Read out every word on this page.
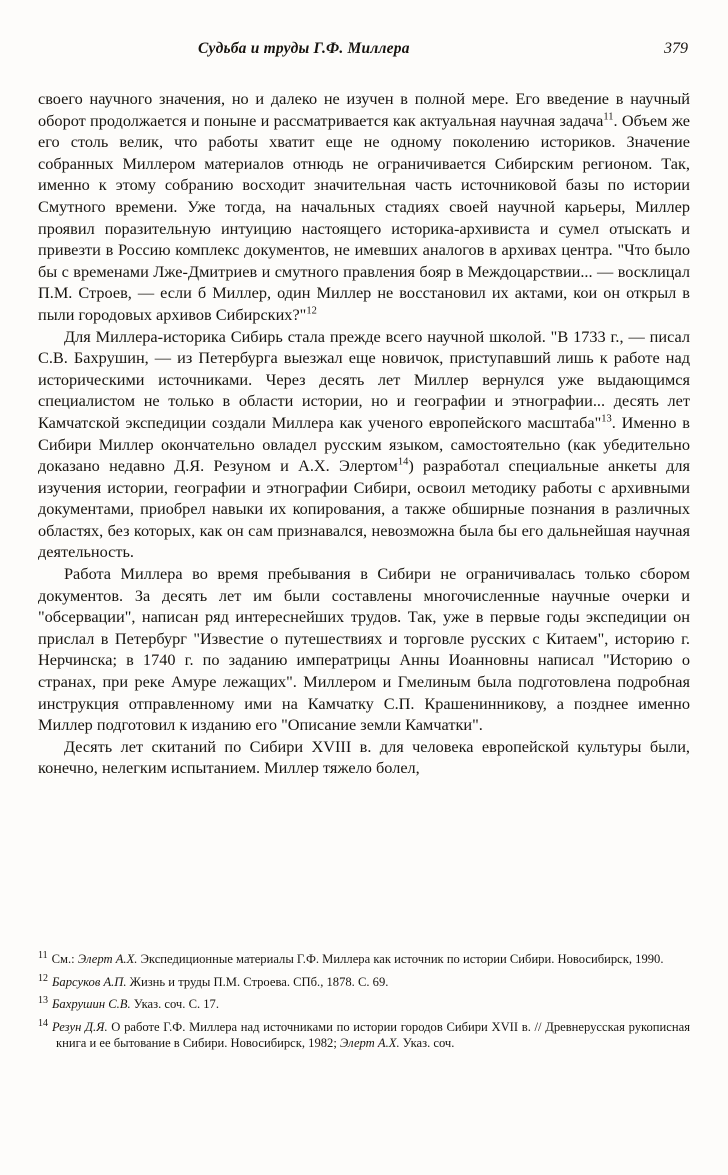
Судьба и труды Г.Ф. Миллера	379

своего научного значения, но и далеко не изучен в полной мере. Его введение в научный оборот продолжается и поныне и рассматривается как актуальная научная задача$^{11}$. Объем же его столь велик, что работы хватит еще не одному поколению историков. Значение собранных Миллером материалов отнюдь не ограничивается Сибирским регионом. Так, именно к этому собранию восходит значительная часть источниковой базы по истории Смутного времени. Уже тогда, на начальных стадиях своей научной карьеры, Миллер проявил поразительную интуицию настоящего историка-архивиста и сумел отыскать и привезти в Россию комплекс документов, не имевших аналогов в архивах центра. "Что было бы с временами Лже-Дмитриев и смутного правления бояр в Междоцарствии... — восклицал П.М. Строев, — если б Миллер, один Миллер не восстановил их актами, кои он открыл в пыли городовых архивов Сибирских?"$^{12}$

Для Миллера-историка Сибирь стала прежде всего научной школой. "В 1733 г., — писал С.В. Бахрушин, — из Петербурга выезжал еще новичок, приступавший лишь к работе над историческими источниками. Через десять лет Миллер вернулся уже выдающимся специалистом не только в области истории, но и географии и этнографии... десять лет Камчатской экспедиции создали Миллера как ученого европейского масштаба"$^{13}$. Именно в Сибири Миллер окончательно овладел русским языком, самостоятельно (как убедительно доказано недавно Д.Я. Резуном и А.Х. Элертом$^{14}$) разработал специальные анкеты для изучения истории, географии и этнографии Сибири, освоил методику работы с архивными документами, приобрел навыки их копирования, а также обширные познания в различных областях, без которых, как он сам признавался, невозможна была бы его дальнейшая научная деятельность.

Работа Миллера во время пребывания в Сибири не ограничивалась только сбором документов. За десять лет им были составлены многочисленные научные очерки и "обсервации", написан ряд интереснейших трудов. Так, уже в первые годы экспедиции он прислал в Петербург "Известие о путешествиях и торговле русских с Китаем", историю г. Нерчинска; в 1740 г. по заданию императрицы Анны Иоанновны написал "Историю о странах, при реке Амуре лежащих". Миллером и Гмелиным была подготовлена подробная инструкция отправленному ими на Камчатку С.П. Крашенинникову, а позднее именно Миллер подготовил к изданию его "Описание земли Камчатки".

Десять лет скитаний по Сибири XVIII в. для человека европейской культуры были, конечно, нелегким испытанием. Миллер тяжело болел,

$^{11}$ См.: Элерт А.Х. Экспедиционные материалы Г.Ф. Миллера как источник по истории Сибири. Новосибирск, 1990.
$^{12}$ Барсуков А.П. Жизнь и труды П.М. Строева. СПб., 1878. С. 69.
$^{13}$ Бахрушин С.В. Указ. соч. С. 17.
$^{14}$ Резун Д.Я. О работе Г.Ф. Миллера над источниками по истории городов Сибири XVII в. // Древнерусская рукописная книга и ее бытование в Сибири. Новосибирск, 1982; Элерт А.Х. Указ. соч.
